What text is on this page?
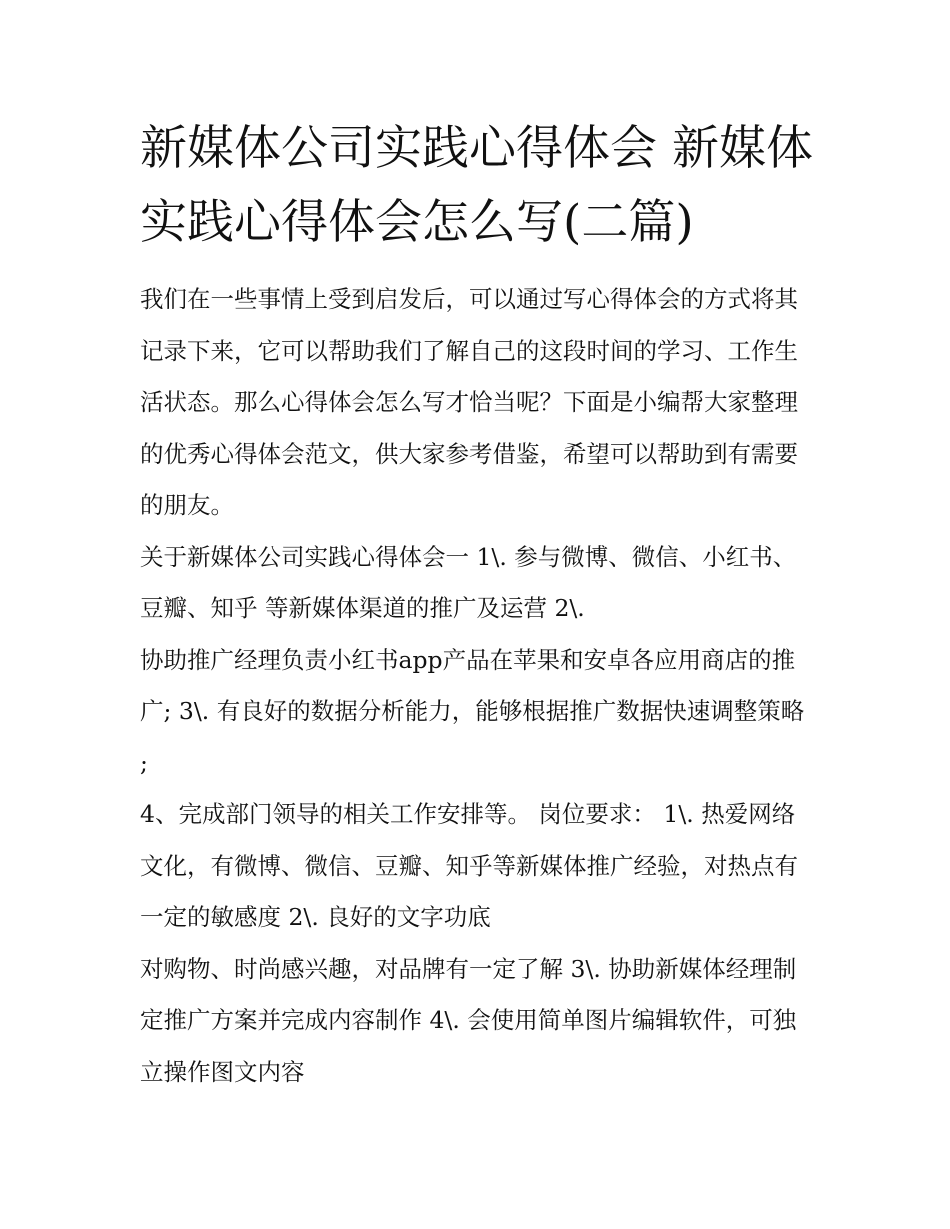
新媒体公司实践心得体会 新媒体实践心得体会怎么写(二篇)

我们在一些事情上受到启发后，可以通过写心得体会的方式将其记录下来，它可以帮助我们了解自己的这段时间的学习、工作生活状态。那么心得体会怎么写才恰当呢？下面是小编帮大家整理的优秀心得体会范文，供大家参考借鉴，希望可以帮助到有需要的朋友。

关于新媒体公司实践心得体会一 1\. 参与微博、微信、小红书、豆瓣、知乎 等新媒体渠道的推广及运营 2\.

协助推广经理负责小红书app产品在苹果和安卓各应用商店的推广; 3\. 有良好的数据分析能力，能够根据推广数据快速调整策略 ;

4、完成部门领导的相关工作安排等。 岗位要求： 1\. 热爱网络文化，有微博、微信、豆瓣、知乎等新媒体推广经验，对热点有一定的敏感度 2\. 良好的文字功底

对购物、时尚感兴趣，对品牌有一定了解 3\. 协助新媒体经理制定推广方案并完成内容制作 4\. 会使用简单图片编辑软件，可独立操作图文内容
